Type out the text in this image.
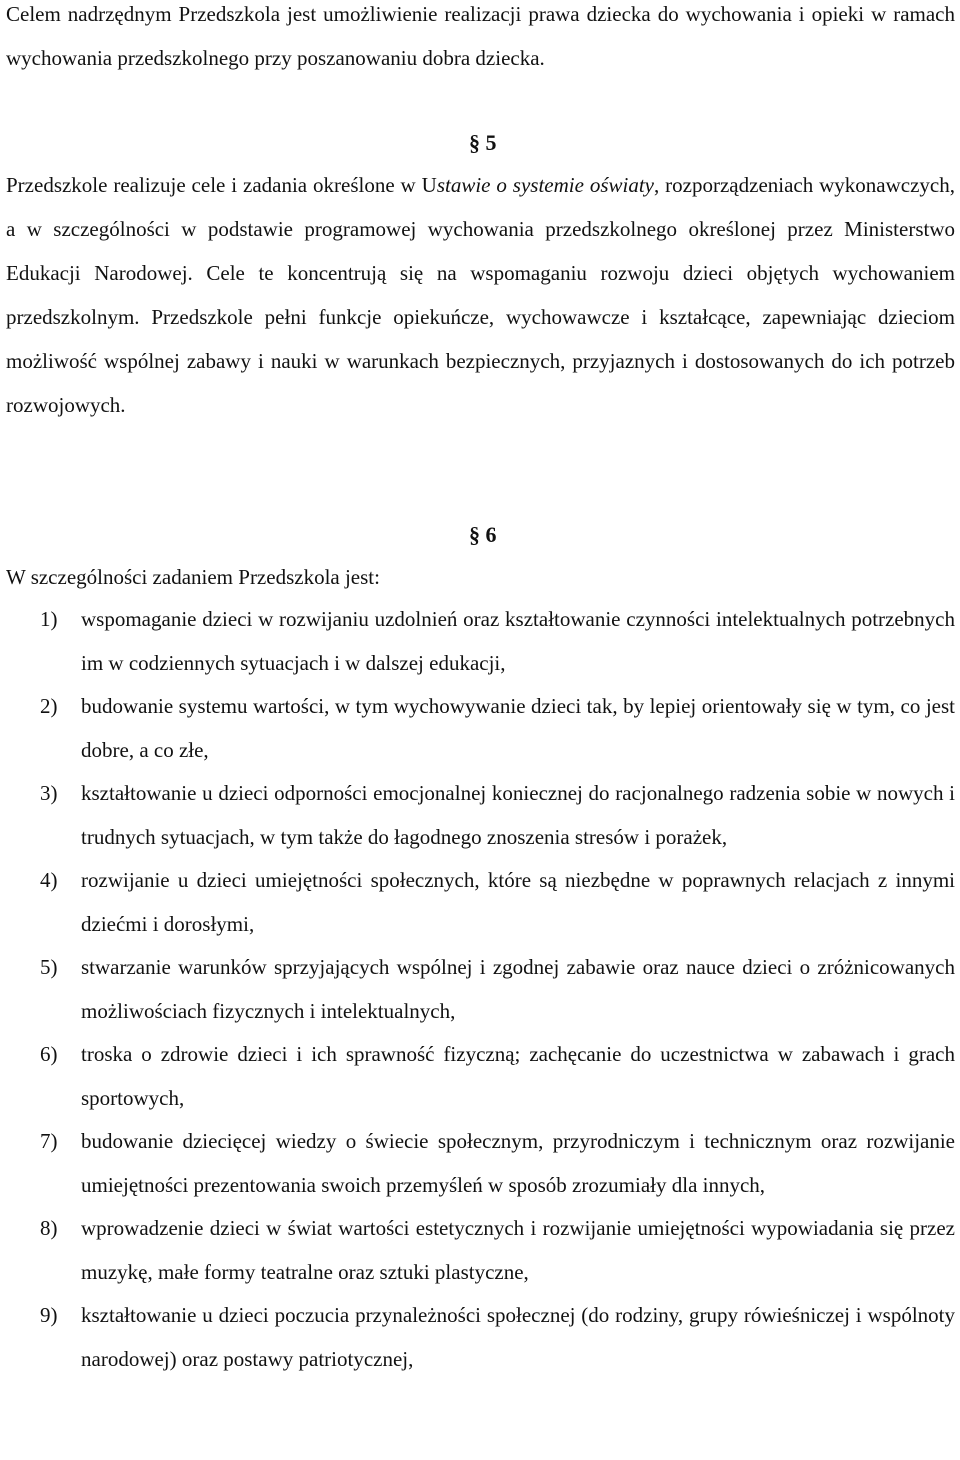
Celem nadrzędnym Przedszkola jest umożliwienie realizacji prawa dziecka do wychowania i opieki w ramach wychowania przedszkolnego przy poszanowaniu dobra dziecka.

§ 5

Przedszkole realizuje cele i zadania określone w Ustawie o systemie oświaty, rozporządzeniach wykonawczych, a w szczególności w podstawie programowej wychowania przedszkolnego określonej przez Ministerstwo Edukacji Narodowej. Cele te koncentrują się na wspomaganiu rozwoju dzieci objętych wychowaniem przedszkolnym. Przedszkole pełni funkcje opiekuńcze, wychowawcze i kształcące, zapewniając dzieciom możliwość wspólnej zabawy i nauki w warunkach bezpiecznych, przyjaznych i dostosowanych do ich potrzeb rozwojowych.

§ 6

W szczególności zadaniem Przedszkola jest:

1) wspomaganie dzieci w rozwijaniu uzdolnień oraz kształtowanie czynności intelektualnych potrzebnych im w codziennych sytuacjach i w dalszej edukacji,
2) budowanie systemu wartości, w tym wychowywanie dzieci tak, by lepiej orientowały się w tym, co jest dobre, a co złe,
3) kształtowanie u dzieci odporności emocjonalnej koniecznej do racjonalnego radzenia sobie w nowych i trudnych sytuacjach, w tym także do łagodnego znoszenia stresów i porażek,
4) rozwijanie u dzieci umiejętności społecznych, które są niezbędne w poprawnych relacjach z innymi dziećmi i dorosłymi,
5) stwarzanie warunków sprzyjających wspólnej i zgodnej zabawie oraz nauce dzieci o zróżnicowanych możliwościach fizycznych i intelektualnych,
6) troska o zdrowie dzieci i ich sprawność fizyczną; zachęcanie do uczestnictwa w zabawach i grach sportowych,
7) budowanie dziecięcej wiedzy o świecie społecznym, przyrodniczym i technicznym oraz rozwijanie umiejętności prezentowania swoich przemyśleń w sposób zrozumiały dla innych,
8) wprowadzenie dzieci w świat wartości estetycznych i rozwijanie umiejętności wypowiadania się przez muzykę, małe formy teatralne oraz sztuki plastyczne,
9) kształtowanie u dzieci poczucia przynależności społecznej (do rodziny, grupy rówieśniczej i wspólnoty narodowej) oraz postawy patriotycznej,
